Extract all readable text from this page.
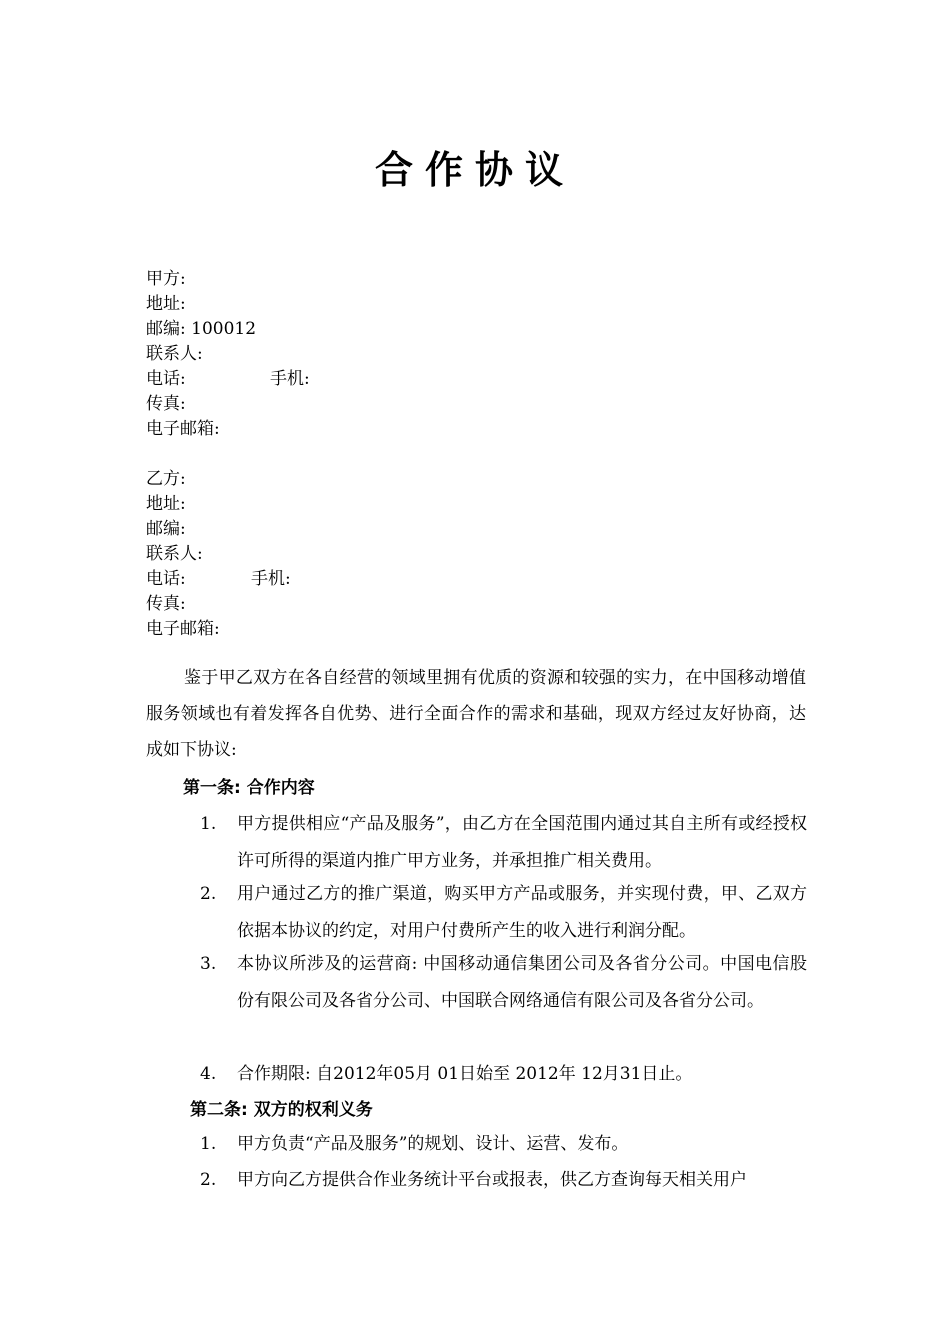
合作协议
甲方:
地址:
邮编: 100012
联系人:
电话:	手机:
传真:
电子邮箱:
乙方:
地址:
邮编:
联系人:
电话:	手机:
传真:
电子邮箱:
鉴于甲乙双方在各自经营的领域里拥有优质的资源和较强的实力，在中国移动增值服务领域也有着发挥各自优势、进行全面合作的需求和基础，现双方经过友好协商，达成如下协议:
第一条: 合作内容
1.	甲方提供相应“产品及服务”，由乙方在全国范围内通过其自主所有或经授权许可所得的渠道内推广甲方业务，并承担推广相关费用。
2.	用户通过乙方的推广渠道，购买甲方产品或服务，并实现付费，甲、乙双方依据本协议的约定，对用户付费所产生的收入进行利润分配。
3.	本协议所涉及的运营商: 中国移动通信集团公司及各省分公司。中国电信股份有限公司及各省分公司、中国联合网络通信有限公司及各省分公司。
4.	合作期限: 自2012年05月 01日始至 2012年 12月31日止。
第二条: 双方的权利义务
1.	甲方负责“产品及服务”的规划、设计、运营、发布。
2.	甲方向乙方提供合作业务统计平台或报表，供乙方查询每天相关用户
